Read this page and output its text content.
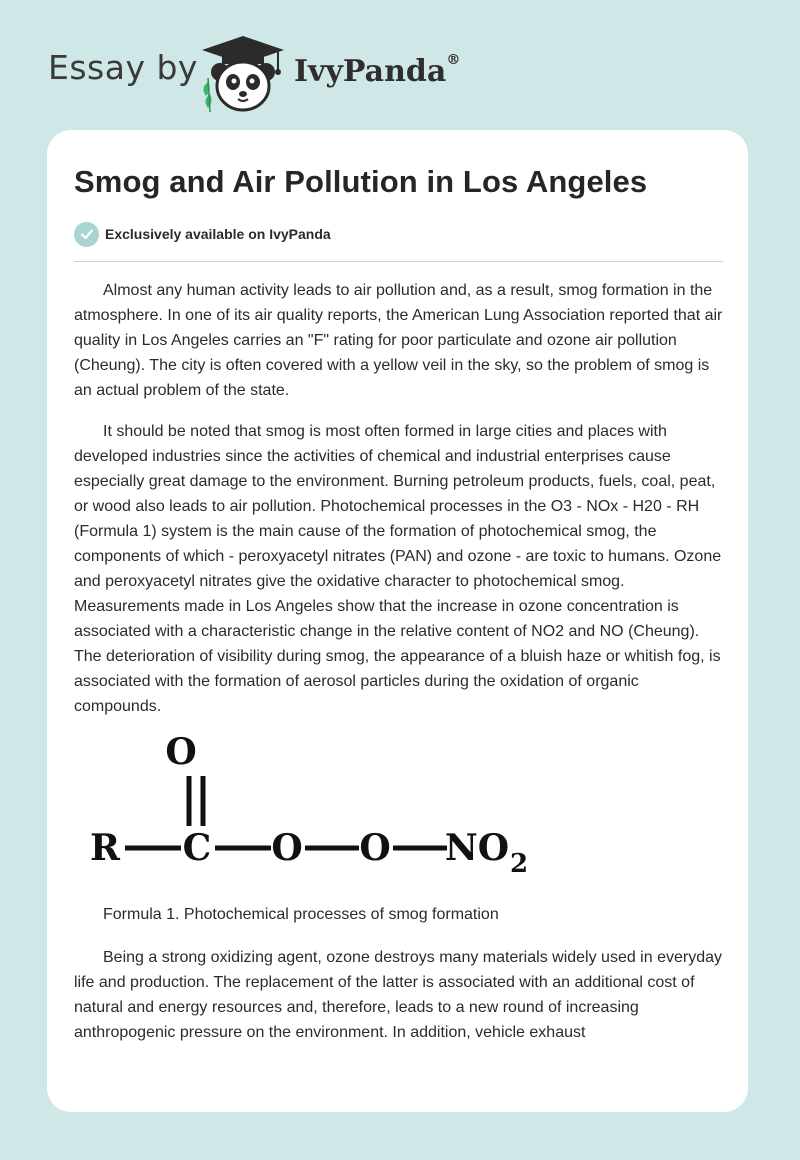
Essay by	IvyPanda®
Smog and Air Pollution in Los Angeles
Exclusively available on IvyPanda

Almost any human activity leads to air pollution and, as a result, smog formation in the atmosphere. In one of its air quality reports, the American Lung Association reported that air quality in Los Angeles carries an "F" rating for poor particulate and ozone air pollution (Cheung). The city is often covered with a yellow veil in the sky, so the problem of smog is an actual problem of the state.

It should be noted that smog is most often formed in large cities and places with developed industries since the activities of chemical and industrial enterprises cause especially great damage to the environment. Burning petroleum products, fuels, coal, peat, or wood also leads to air pollution. Photochemical processes in the O3 - NOx - H20 - RH (Formula 1) system is the main cause of the formation of photochemical smog, the components of which - peroxyacetyl nitrates (PAN) and ozone - are toxic to humans. Ozone and peroxyacetyl nitrates give the oxidative character to photochemical smog. Measurements made in Los Angeles show that the increase in ozone concentration is associated with a characteristic change in the relative content of NO2 and NO (Cheung). The deterioration of visibility during smog, the appearance of a bluish haze or whitish fog, is associated with the formation of aerosol particles during the oxidation of organic compounds.

O
R C O O NO 2

Formula 1. Photochemical processes of smog formation

Being a strong oxidizing agent, ozone destroys many materials widely used in everyday life and production. The replacement of the latter is associated with an additional cost of natural and energy resources and, therefore, leads to a new round of increasing anthropogenic pressure on the environment. In addition, vehicle exhaust
